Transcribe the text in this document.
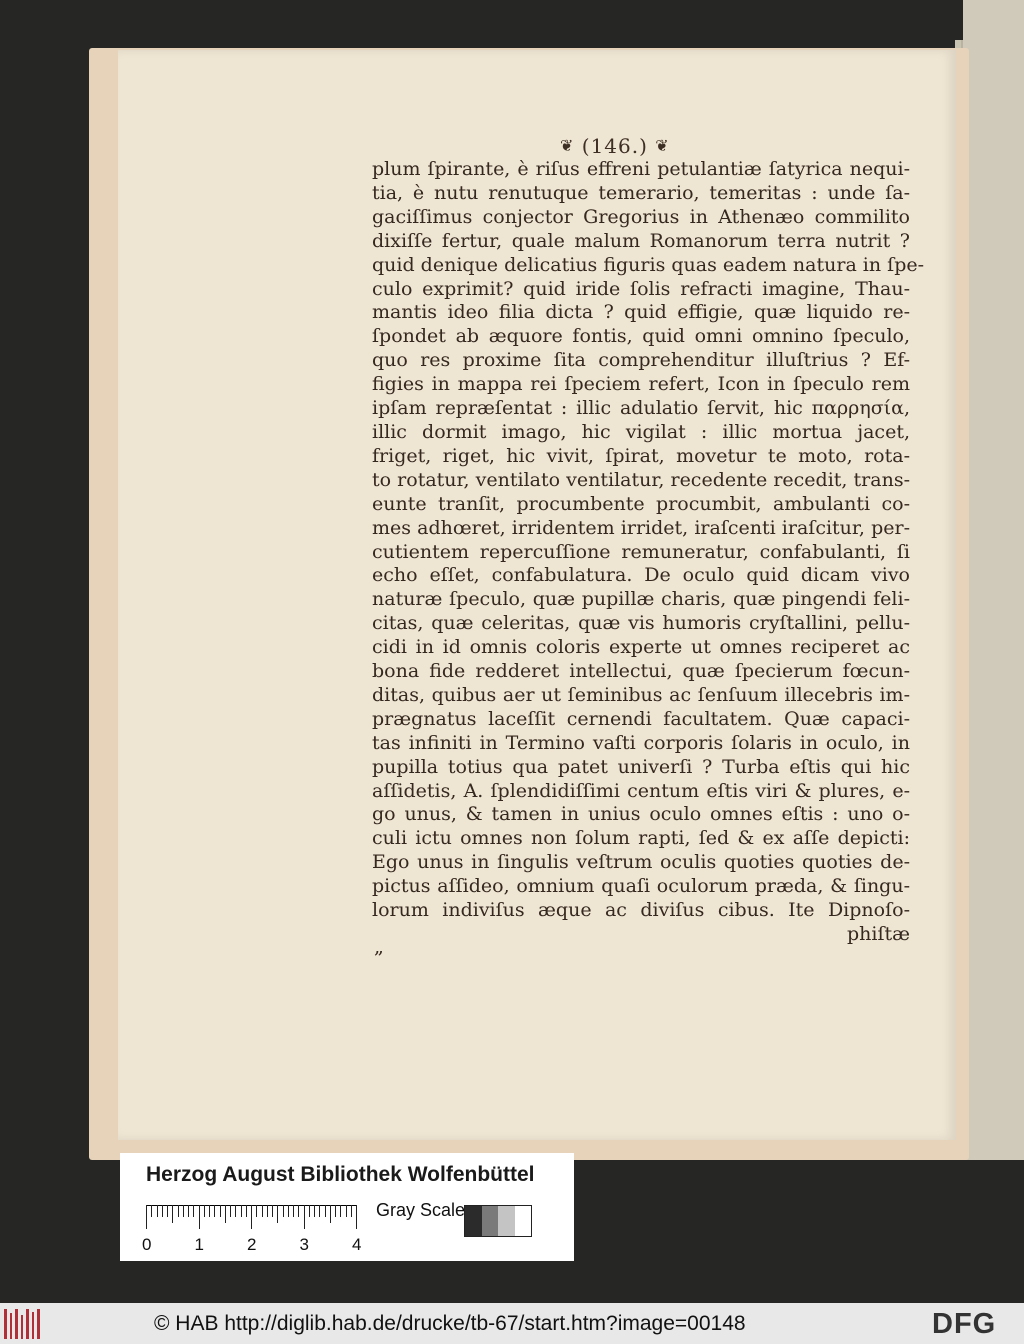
❦ (146.) ❦
plum ſpirante, è riſus effreni petulantiæ ſatyrica nequi-
tia, è nutu renutuque temerario, temeritas : unde ſa-
gaciſſimus conjector Gregorius in Athenæo commilito
dixiſſe fertur, quale malum Romanorum terra nutrit ?
quid denique delicatius figuris quas eadem natura in ſpe-
culo exprimit? quid iride ſolis refracti imagine, Thau-
mantis ideo filia dicta ? quid effigie, quæ liquido re-
ſpondet ab æquore fontis, quid omni omnino ſpeculo,
quo res proxime ſita comprehenditur illuſtrius ? Ef-
figies in mappa rei ſpeciem refert, Icon in ſpeculo rem
ipſam repræſentat : illic adulatio ſervit, hic παρρησία,
illic dormit imago, hic vigilat : illic mortua jacet,
friget, riget, hic vivit, ſpirat, movetur te moto, rota-
to rotatur, ventilato ventilatur, recedente recedit, trans-
eunte tranſit, procumbente procumbit, ambulanti co-
mes adhœret, irridentem irridet, iraſcenti iraſcitur, per-
cutientem repercuſſione remuneratur, confabulanti, ſi
echo eſſet, confabulatura. De oculo quid dicam vivo
naturæ ſpeculo, quæ pupillæ charis, quæ pingendi feli-
citas, quæ celeritas, quæ vis humoris cryſtallini, pellu-
cidi in id omnis coloris experte ut omnes reciperet ac
bona fide redderet intellectui, quæ ſpecierum fœcun-
ditas, quibus aer ut ſeminibus ac ſenſuum illecebris im-
prægnatus laceſſit cernendi facultatem. Quæ capaci-
tas infiniti in Termino vaſti corporis ſolaris in oculo, in
pupilla totius qua patet univerſi ? Turba eſtis qui hic
aſſidetis, A. ſplendidiſſimi centum eſtis viri & plures, e-
go unus, & tamen in unius oculo omnes eſtis : uno o-
culi ictu omnes non ſolum rapti, ſed & ex aſſe depicti:
Ego unus in ſingulis veſtrum oculis quoties quoties de-
pictus aſſideo, omnium quaſi oculorum præda, & ſingu-
lorum indiviſus æque ac diviſus cibus. Ite Dipnoſo-
phiſtæ
„
Herzog August Bibliothek Wolfenbüttel
0	1	2	3	4
Gray Scale
© HAB http://diglib.hab.de/drucke/tb-67/start.htm?image=00148	DFG
